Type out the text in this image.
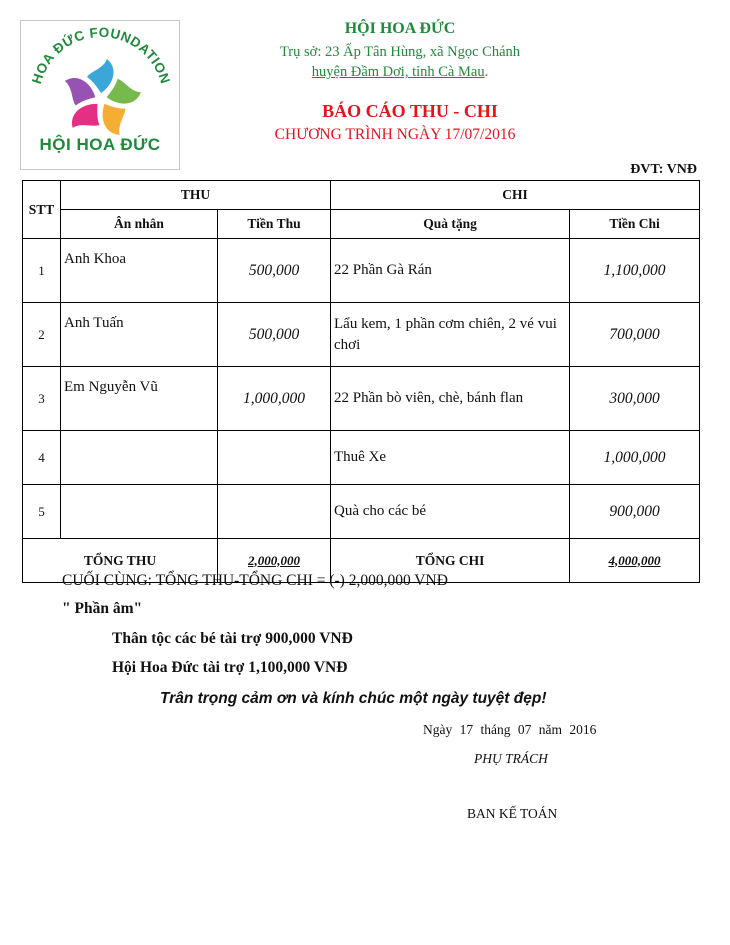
HOA ĐỨC FOUNDATION
HỘI HOA ĐỨC
HỘI HOA ĐỨC
Trụ sở: 23 Ấp Tân Hùng, xã Ngọc Chánh
huyện Đầm Dơi, tỉnh Cà Mau.
BÁO CÁO THU - CHI
CHƯƠNG TRÌNH NGÀY 17/07/2016
ĐVT: VNĐ
STT	THU		CHI	
	Ân nhân	Tiền Thu	Quà tặng	Tiền Chi
1	Anh Khoa	500,000	22 Phần Gà Rán	1,100,000
2	Anh Tuấn	500,000	Lẩu kem, 1 phần cơm chiên, 2 vé vui chơi	700,000
3	Em Nguyễn Vũ	1,000,000	22 Phần bò viên, chè, bánh flan	300,000
4			Thuê Xe	1,000,000
5			Quà cho các bé	900,000
TỔNG THU		2,000,000	TỔNG CHI	4,000,000
CUỐI CÙNG: TỔNG THU-TỔNG CHI = (-) 2,000,000 VNĐ
" Phần âm"
Thân tộc các bé tài trợ 900,000 VNĐ
Hội Hoa Đức tài trợ 1,100,000 VNĐ
Trân trọng cảm ơn và kính chúc một ngày tuyệt đẹp!
Ngày 17 tháng 07 năm 2016
PHỤ TRÁCH
BAN KẾ TOÁN
